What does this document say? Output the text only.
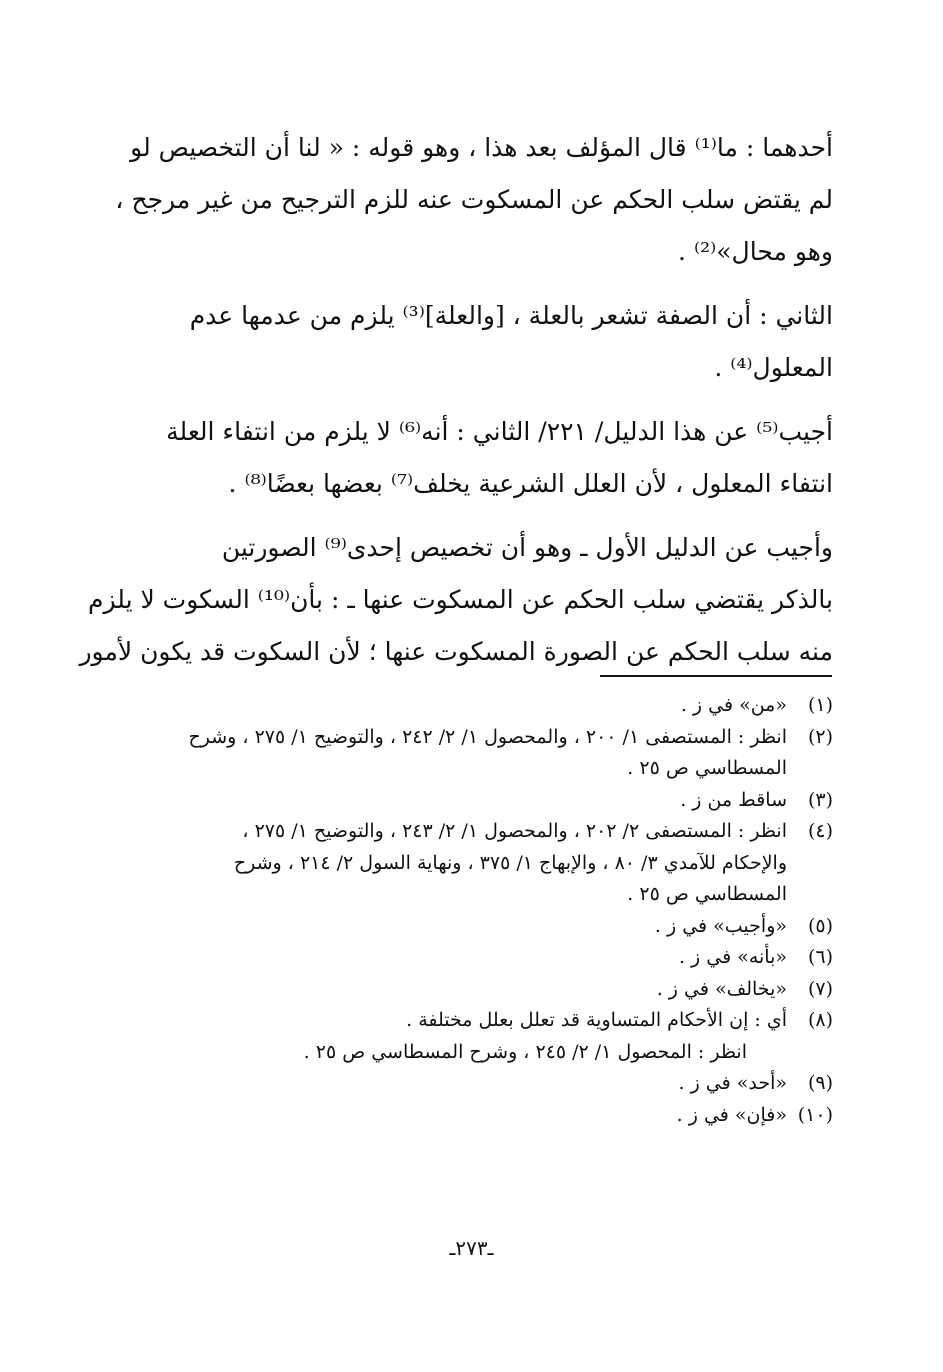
أحدهما : ما⁽¹⁾ قال المؤلف بعد هذا ، وهو قوله : « لنا أن التخصيص لو
لم يقتض سلب الحكم عن المسكوت عنه للزم الترجيح من غير مرجح ،
وهو محال»⁽²⁾ .

الثاني : أن الصفة تشعر بالعلة ، [والعلة]⁽³⁾ يلزم من عدمها عدم
المعلول⁽⁴⁾ .

أجيب⁽⁵⁾ عن هذا الدليل/ ٢٢١/ الثاني : أنه⁽⁶⁾ لا يلزم من انتفاء العلة
انتفاء المعلول ، لأن العلل الشرعية يخلف⁽⁷⁾ بعضها بعضًا⁽⁸⁾ .

وأجيب عن الدليل الأول ـ وهو أن تخصيص إحدى⁽⁹⁾ الصورتين
بالذكر يقتضي سلب الحكم عن المسكوت عنها ـ : بأن⁽¹⁰⁾ السكوت لا يلزم
منه سلب الحكم عن الصورة المسكوت عنها ؛ لأن السكوت قد يكون لأمور

(١)
«من» في ز .
(٢)
انظر : المستصفى ١/ ٢٠٠ ، والمحصول ١/ ٢/ ٢٤٢ ، والتوضيح ١/ ٢٧٥ ، وشرح
المسطاسي ص ٢٥ .
(٣)
ساقط من ز .
(٤)
انظر : المستصفى ٢/ ٢٠٢ ، والمحصول ١/ ٢/ ٢٤٣ ، والتوضيح ١/ ٢٧٥ ،
والإحكام للآمدي ٣/ ٨٠ ، والإبهاج ١/ ٣٧٥ ، ونهاية السول ٢/ ٢١٤ ، وشرح
المسطاسي ص ٢٥ .
(٥)
«وأجيب» في ز .
(٦)
«بأنه» في ز .
(٧)
«يخالف» في ز .
(٨)
أي : إن الأحكام المتساوية قد تعلل بعلل مختلفة .
انظر : المحصول ١/ ٢/ ٢٤٥ ، وشرح المسطاسي ص ٢٥ .
(٩)
«أحد» في ز .
(١٠)
«فإن» في ز .
ـ٢٧٣ـ
